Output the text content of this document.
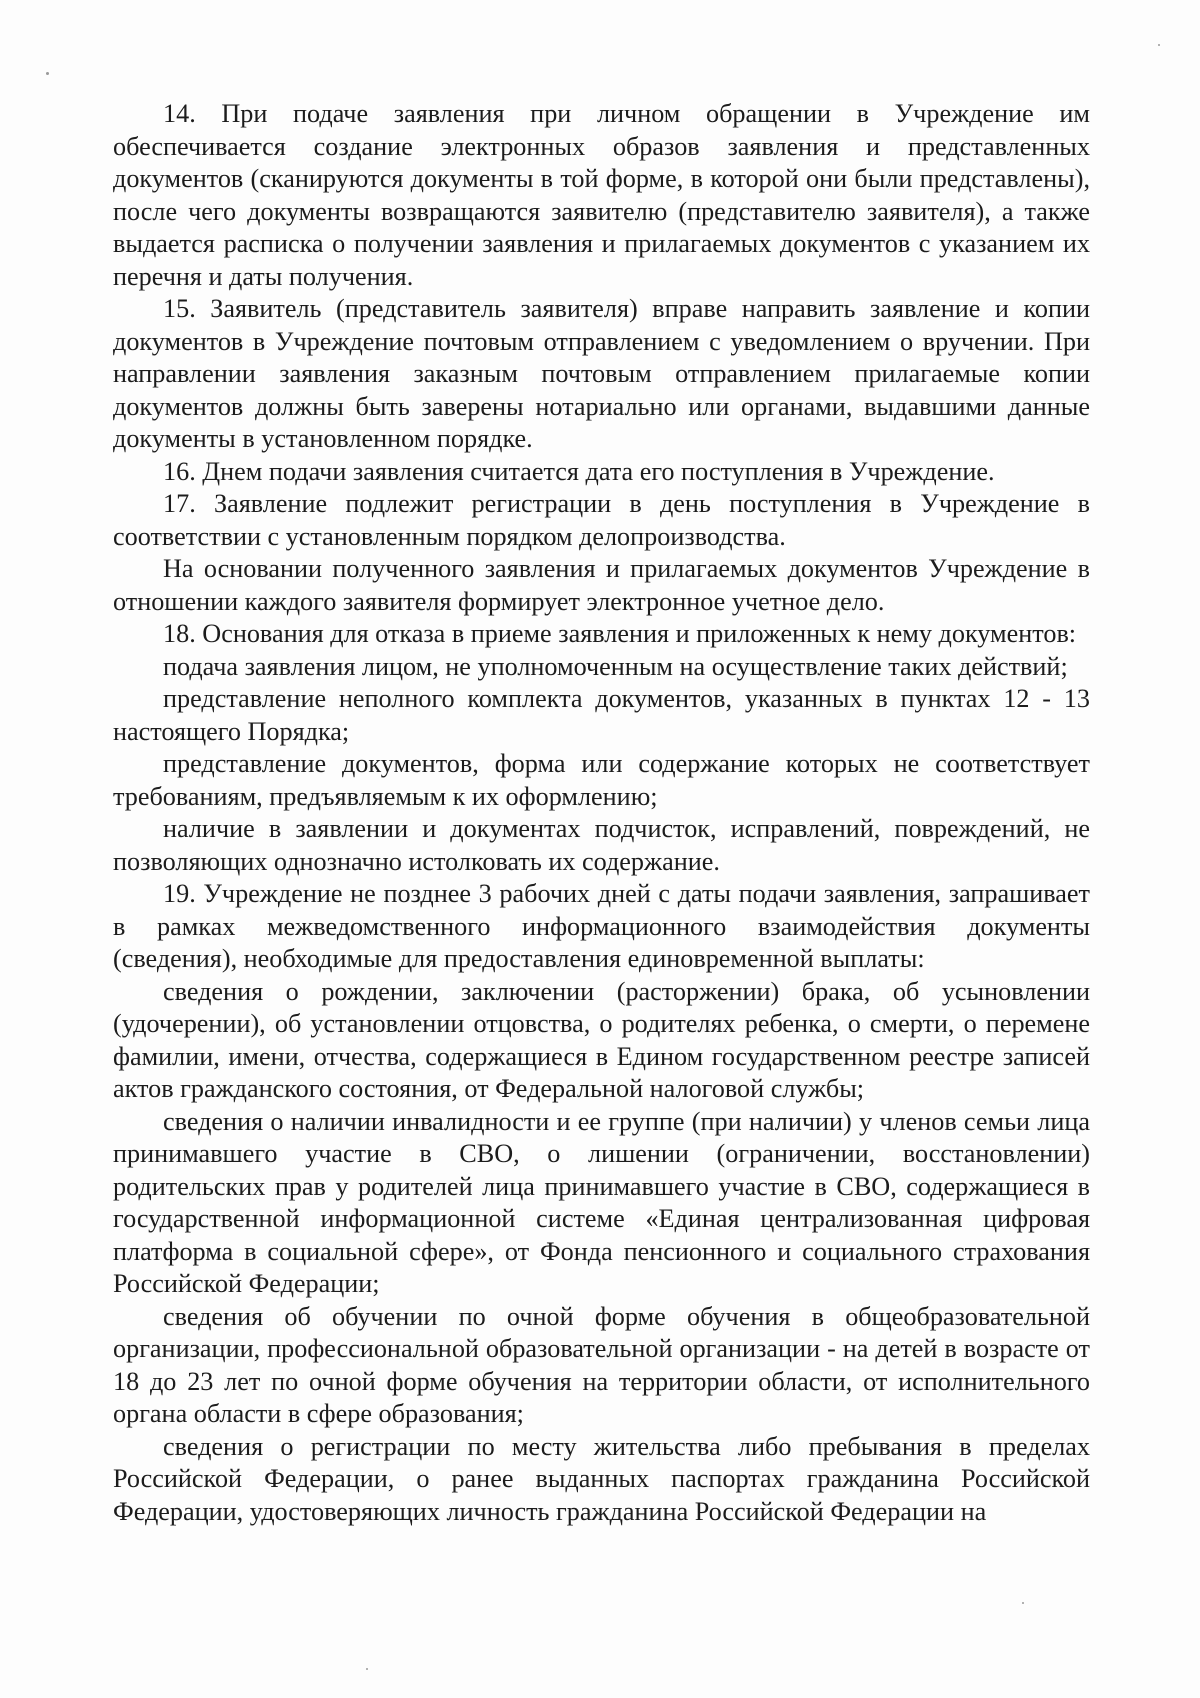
14. При подаче заявления при личном обращении в Учреждение им обеспечивается создание электронных образов заявления и представленных документов (сканируются документы в той форме, в которой они были представлены), после чего документы возвращаются заявителю (представителю заявителя), а также выдается расписка о получении заявления и прилагаемых документов с указанием их перечня и даты получения.

15. Заявитель (представитель заявителя) вправе направить заявление и копии документов в Учреждение почтовым отправлением с уведомлением о вручении. При направлении заявления заказным почтовым отправлением прилагаемые копии документов должны быть заверены нотариально или органами, выдавшими данные документы в установленном порядке.

16. Днем подачи заявления считается дата его поступления в Учреждение.

17. Заявление подлежит регистрации в день поступления в Учреждение в соответствии с установленным порядком делопроизводства.

На основании полученного заявления и прилагаемых документов Учреждение в отношении каждого заявителя формирует электронное учетное дело.

18. Основания для отказа в приеме заявления и приложенных к нему документов:

подача заявления лицом, не уполномоченным на осуществление таких действий;

представление неполного комплекта документов, указанных в пунктах 12 - 13 настоящего Порядка;

представление документов, форма или содержание которых не соответствует требованиям, предъявляемым к их оформлению;

наличие в заявлении и документах подчисток, исправлений, повреждений, не позволяющих однозначно истолковать их содержание.

19. Учреждение не позднее 3 рабочих дней с даты подачи заявления, запрашивает в рамках межведомственного информационного взаимодействия документы (сведения), необходимые для предоставления единовременной выплаты:

сведения о рождении, заключении (расторжении) брака, об усыновлении (удочерении), об установлении отцовства, о родителях ребенка, о смерти, о перемене фамилии, имени, отчества, содержащиеся в Едином государственном реестре записей актов гражданского состояния, от Федеральной налоговой службы;

сведения о наличии инвалидности и ее группе (при наличии) у членов семьи лица принимавшего участие в СВО, о лишении (ограничении, восстановлении) родительских прав у родителей лица принимавшего участие в СВО, содержащиеся в государственной информационной системе «Единая централизованная цифровая платформа в социальной сфере», от Фонда пенсионного и социального страхования Российской Федерации;

сведения об обучении по очной форме обучения в общеобразовательной организации, профессиональной образовательной организации - на детей в возрасте от 18 до 23 лет по очной форме обучения на территории области, от исполнительного органа области в сфере образования;

сведения о регистрации по месту жительства либо пребывания в пределах Российской Федерации, о ранее выданных паспортах гражданина Российской Федерации, удостоверяющих личность гражданина Российской Федерации на
